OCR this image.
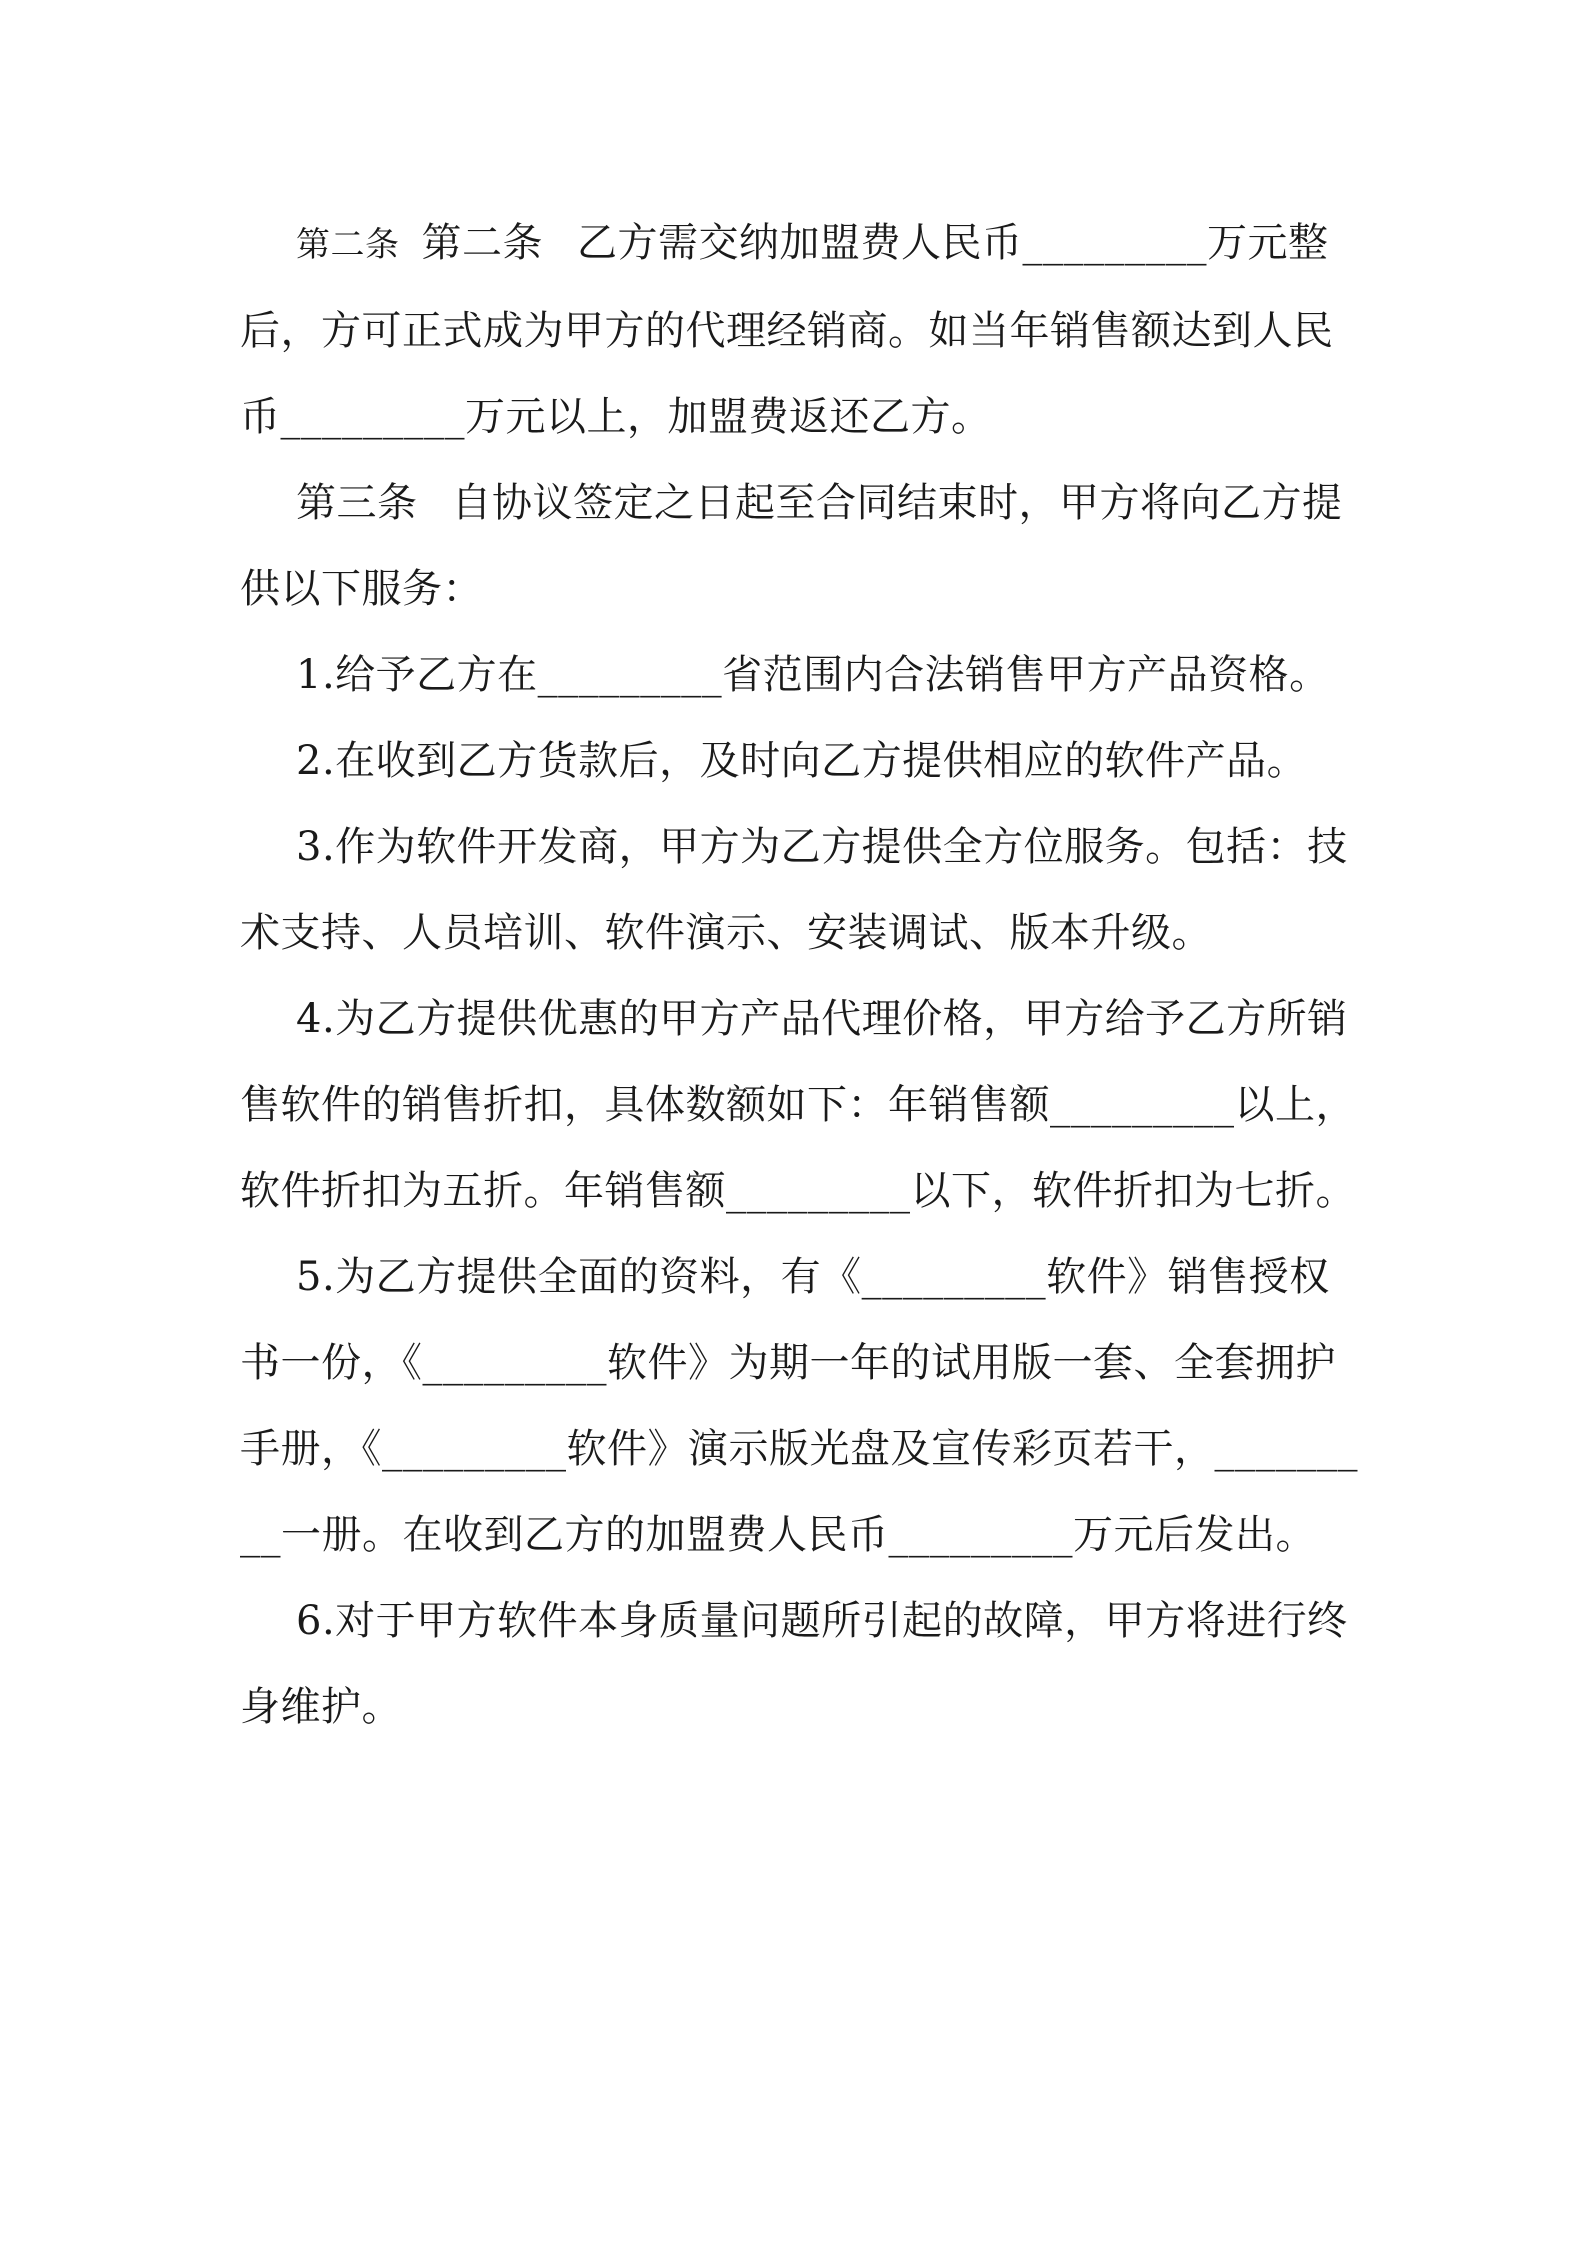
第二条 第二条 乙方需交纳加盟费人民币_________万元整后，方可正式成为甲方的代理经销商。如当年销售额达到人民币_________万元以上，加盟费返还乙方。

第三条 自协议签定之日起至合同结束时，甲方将向乙方提供以下服务：

1.给予乙方在_________省范围内合法销售甲方产品资格。

2.在收到乙方货款后，及时向乙方提供相应的软件产品。

3.作为软件开发商，甲方为乙方提供全方位服务。包括：技术支持、人员培训、软件演示、安装调试、版本升级。

4.为乙方提供优惠的甲方产品代理价格，甲方给予乙方所销售软件的销售折扣，具体数额如下：年销售额_________以上，软件折扣为五折。年销售额_________以下，软件折扣为七折。

5.为乙方提供全面的资料，有《_________软件》销售授权书一份，《_________软件》为期一年的试用版一套、全套拥护手册，《_________软件》演示版光盘及宣传彩页若干，_________一册。在收到乙方的加盟费人民币_________万元后发出。

6.对于甲方软件本身质量问题所引起的故障，甲方将进行终身维护。
